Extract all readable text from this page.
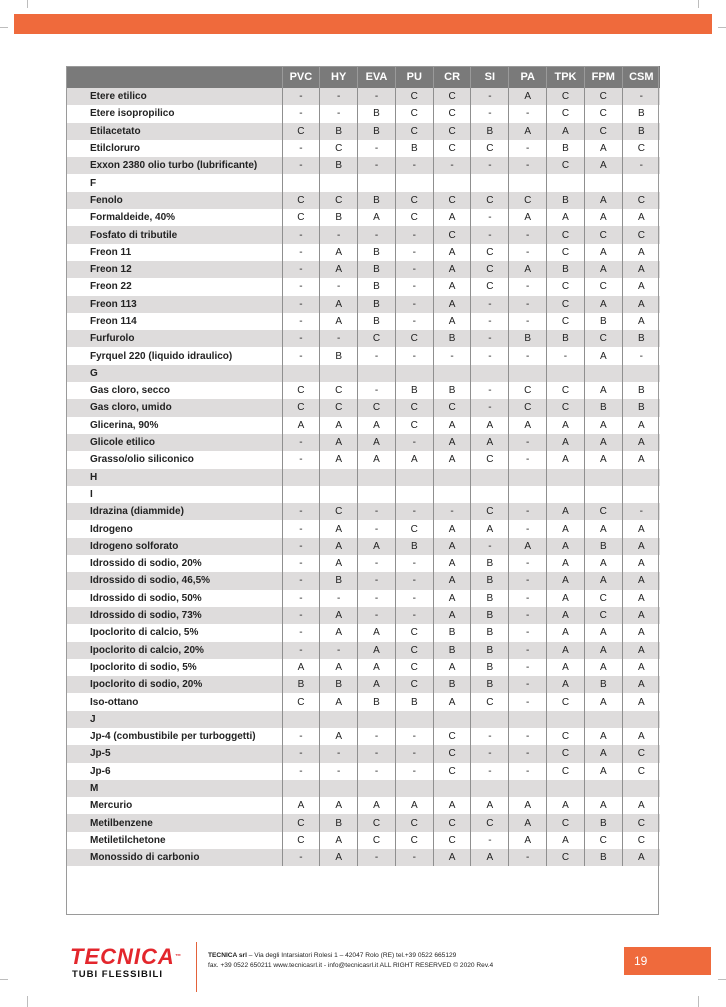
	PVC	HY	EVA	PU	CR	SI	PA	TPK	FPM	CSM
Etere etilico	-	-	-	C	C	-	A	C	C	-
Etere isopropilico	-	-	B	C	C	-	-	C	C	B
Etilacetato	C	B	B	C	C	B	A	A	C	B
Etilcloruro	-	C	-	B	C	C	-	B	A	C
Exxon 2380 olio turbo (lubrificante)	-	B	-	-	-	-	-	C	A	-
F										
Fenolo	C	C	B	C	C	C	C	B	A	C
Formaldeide, 40%	C	B	A	C	A	-	A	A	A	A
Fosfato di tributile	-	-	-	-	C	-	-	C	C	C
Freon 11	-	A	B	-	A	C	-	C	A	A
Freon 12	-	A	B	-	A	C	A	B	A	A
Freon 22	-	-	B	-	A	C	-	C	C	A
Freon 113	-	A	B	-	A	-	-	C	A	A
Freon 114	-	A	B	-	A	-	-	C	B	A
Furfurolo	-	-	C	C	B	-	B	B	C	B
Fyrquel 220 (liquido idraulico)	-	B	-	-	-	-	-	-	A	-
G										
Gas cloro, secco	C	C	-	B	B	-	C	C	A	B
Gas cloro, umido	C	C	C	C	C	-	C	C	B	B
Glicerina, 90%	A	A	A	C	A	A	A	A	A	A
Glicole etilico	-	A	A	-	A	A	-	A	A	A
Grasso/olio siliconico	-	A	A	A	A	C	-	A	A	A
H										
I										
Idrazina (diammide)	-	C	-	-	-	C	-	A	C	-
Idrogeno	-	A	-	C	A	A	-	A	A	A
Idrogeno solforato	-	A	A	B	A	-	A	A	B	A
Idrossido di sodio, 20%	-	A	-	-	A	B	-	A	A	A
Idrossido di sodio, 46,5%	-	B	-	-	A	B	-	A	A	A
Idrossido di sodio, 50%	-	-	-	-	A	B	-	A	C	A
Idrossido di sodio, 73%	-	A	-	-	A	B	-	A	C	A
Ipoclorito di calcio, 5%	-	A	A	C	B	B	-	A	A	A
Ipoclorito di calcio, 20%	-	-	A	C	B	B	-	A	A	A
Ipoclorito di sodio, 5%	A	A	A	C	A	B	-	A	A	A
Ipoclorito di sodio, 20%	B	B	A	C	B	B	-	A	B	A
Iso-ottano	C	A	B	B	A	C	-	C	A	A
J										
Jp-4 (combustibile per turboggetti)	-	A	-	-	C	-	-	C	A	A
Jp-5	-	-	-	-	C	-	-	C	A	C
Jp-6	-	-	-	-	C	-	-	C	A	C
M										
Mercurio	A	A	A	A	A	A	A	A	A	A
Metilbenzene	C	B	C	C	C	C	A	C	B	C
Metiletilchetone	C	A	C	C	C	-	A	A	C	C
Monossido di carbonio	-	A	-	-	A	A	-	C	B	A
TECNICA™
TUBI FLESSIBILI
TECNICA srl – Via degli Intarsiatori Rolesi 1 – 42047 Rolo (RE) tel.+39 0522 665129
fax. +39 0522 650211 www.tecnicasrl.it - info@tecnicasrl.it ALL RIGHT RESERVED © 2020 Rev.4	19
